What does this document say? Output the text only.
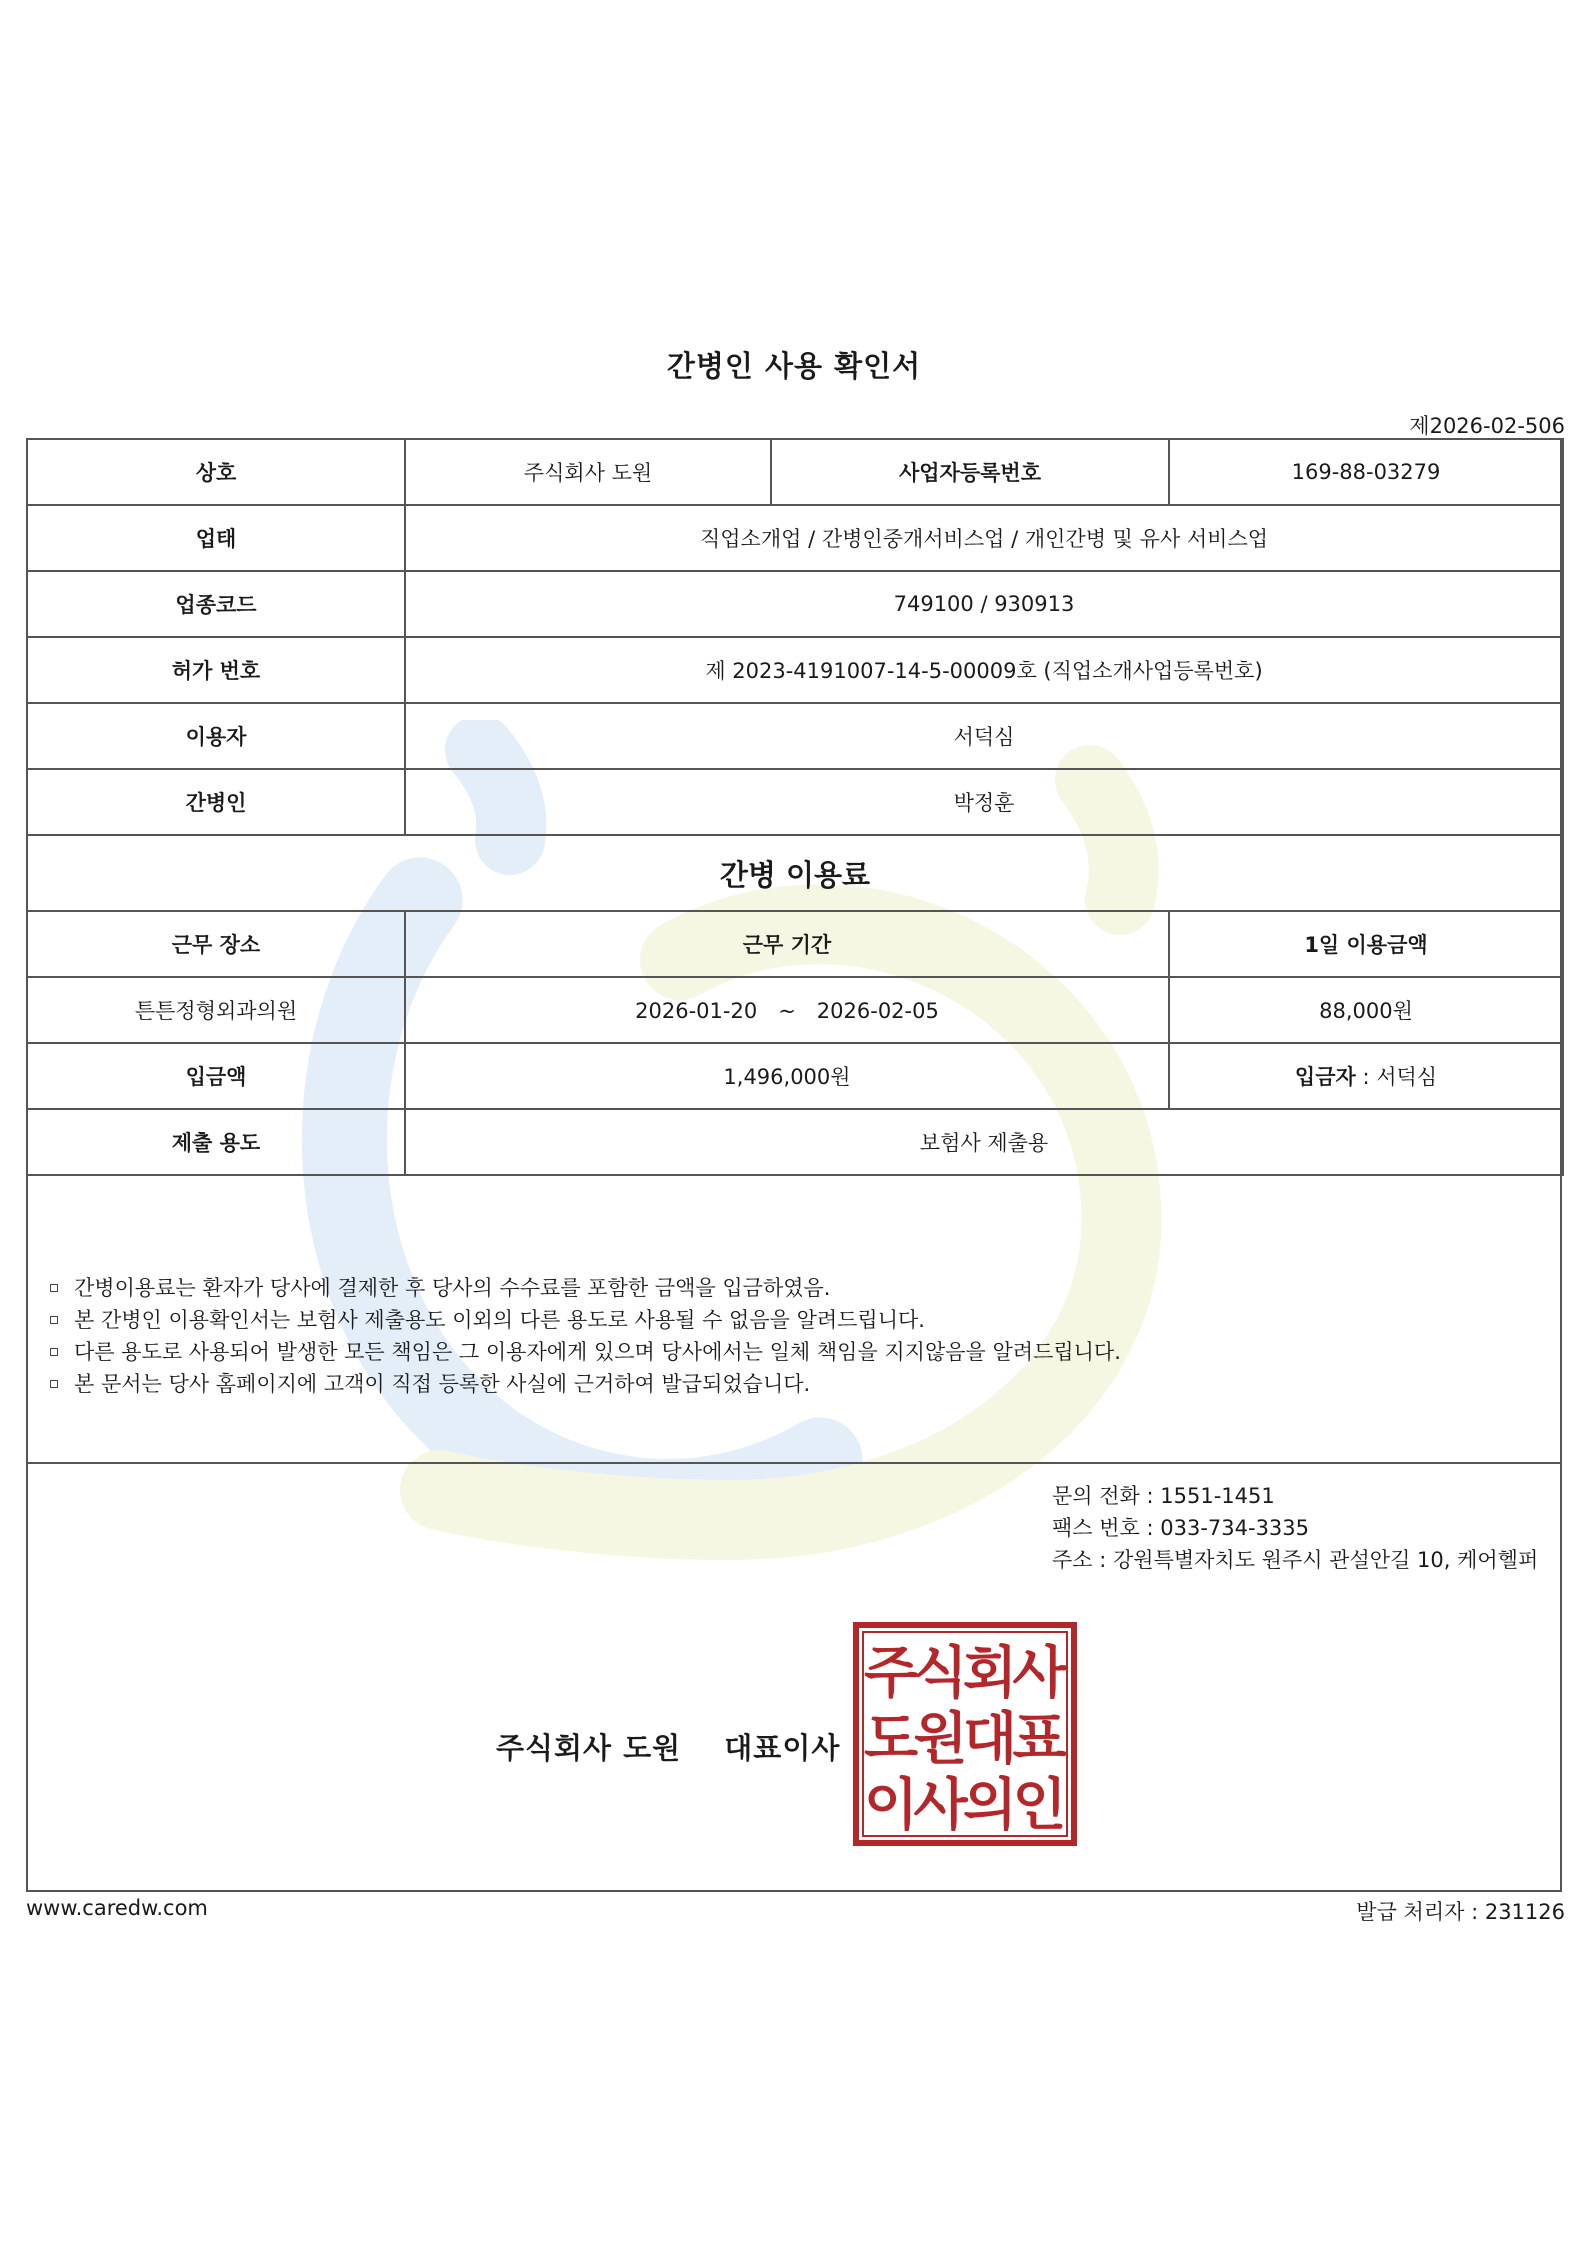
간병인 사용 확인서
제2026-02-506
상호	주식회사 도원	사업자등록번호	169-88-03279
업태	직업소개업 / 간병인중개서비스업 / 개인간병 및 유사 서비스업		
업종코드	749100 / 930913		
허가 번호	제 2023-4191007-14-5-00009호 (직업소개사업등록번호)		
이용자	서덕심		
간병인	박정훈		
간병 이용료			
근무 장소	근무 기간		1일 이용금액
튼튼정형외과의원	2026-01-20　~　2026-02-05		88,000원
입금액	1,496,000원		입금자 : 서덕심
제출 용도	보험사 제출용		
간병이용료는 환자가 당사에 결제한 후 당사의 수수료를 포함한 금액을 입금하였음.
본 간병인 이용확인서는 보험사 제출용도 이외의 다른 용도로 사용될 수 없음을 알려드립니다.
다른 용도로 사용되어 발생한 모든 책임은 그 이용자에게 있으며 당사에서는 일체 책임을 지지않음을 알려드립니다.
본 문서는 당사 홈페이지에 고객이 직접 등록한 사실에 근거하여 발급되었습니다.
문의 전화 : 1551-1451
팩스 번호 : 033-734-3335
주소 : 강원특별자치도 원주시 관설안길 10, 케어헬퍼
주식회사 도원 대표이사
주
식
회
사
도
원
대
표
이
사
의
인
www.caredw.com	발급 처리자 : 231126
